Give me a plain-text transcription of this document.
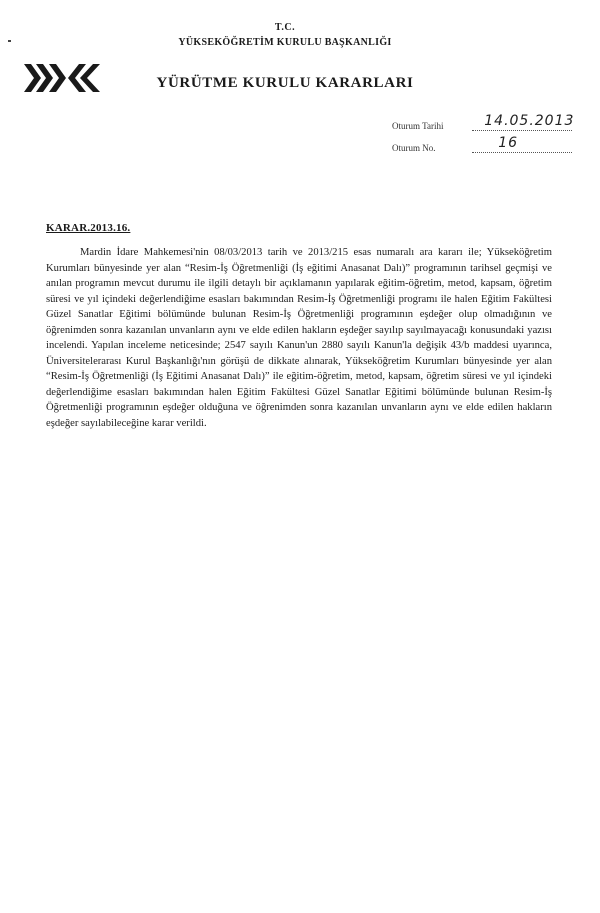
T.C.
YÜKSEKÖĞRETİM KURULU BAŞKANLIĞI
YÜRÜTME KURULU KARARLARI
Oturum Tarihi	14.05.2013
Oturum No.	16
KARAR.2013.16.
Mardin İdare Mahkemesi'nin 08/03/2013 tarih ve 2013/215 esas numaralı ara kararı ile; Yükseköğretim Kurumları bünyesinde yer alan “Resim-İş Öğretmenliği (İş eğitimi Anasanat Dalı)” programının tarihsel geçmişi ve anılan programın mevcut durumu ile ilgili detaylı bir açıklamanın yapılarak eğitim-öğretim, metod, kapsam, öğretim süresi ve yıl içindeki değerlendiğime esasları bakımından Resim-İş Öğretmenliği programı ile halen Eğitim Fakültesi Güzel Sanatlar Eğitimi bölümünde bulunan Resim-İş Öğretmenliği programının eşdeğer olup olmadığının ve öğrenimden sonra kazanılan unvanların aynı ve elde edilen hakların eşdeğer sayılıp sayılmayacağı konusundaki yazısı incelendi. Yapılan inceleme neticesinde; 2547 sayılı Kanun'un 2880 sayılı Kanun'la değişik 43/b maddesi uyarınca, Üniversitelerarası Kurul Başkanlığı'nın görüşü de dikkate alınarak, Yükseköğretim Kurumları bünyesinde yer alan “Resim-İş Öğretmenliği (İş Eğitimi Anasanat Dalı)” ile eğitim-öğretim, metod, kapsam, öğretim süresi ve yıl içindeki değerlendiğime esasları bakımından halen Eğitim Fakültesi Güzel Sanatlar Eğitimi bölümünde bulunan Resim-İş Öğretmenliği programının eşdeğer olduğuna ve öğrenimden sonra kazanılan unvanların aynı ve elde edilen hakların eşdeğer sayılabileceğine karar verildi.
